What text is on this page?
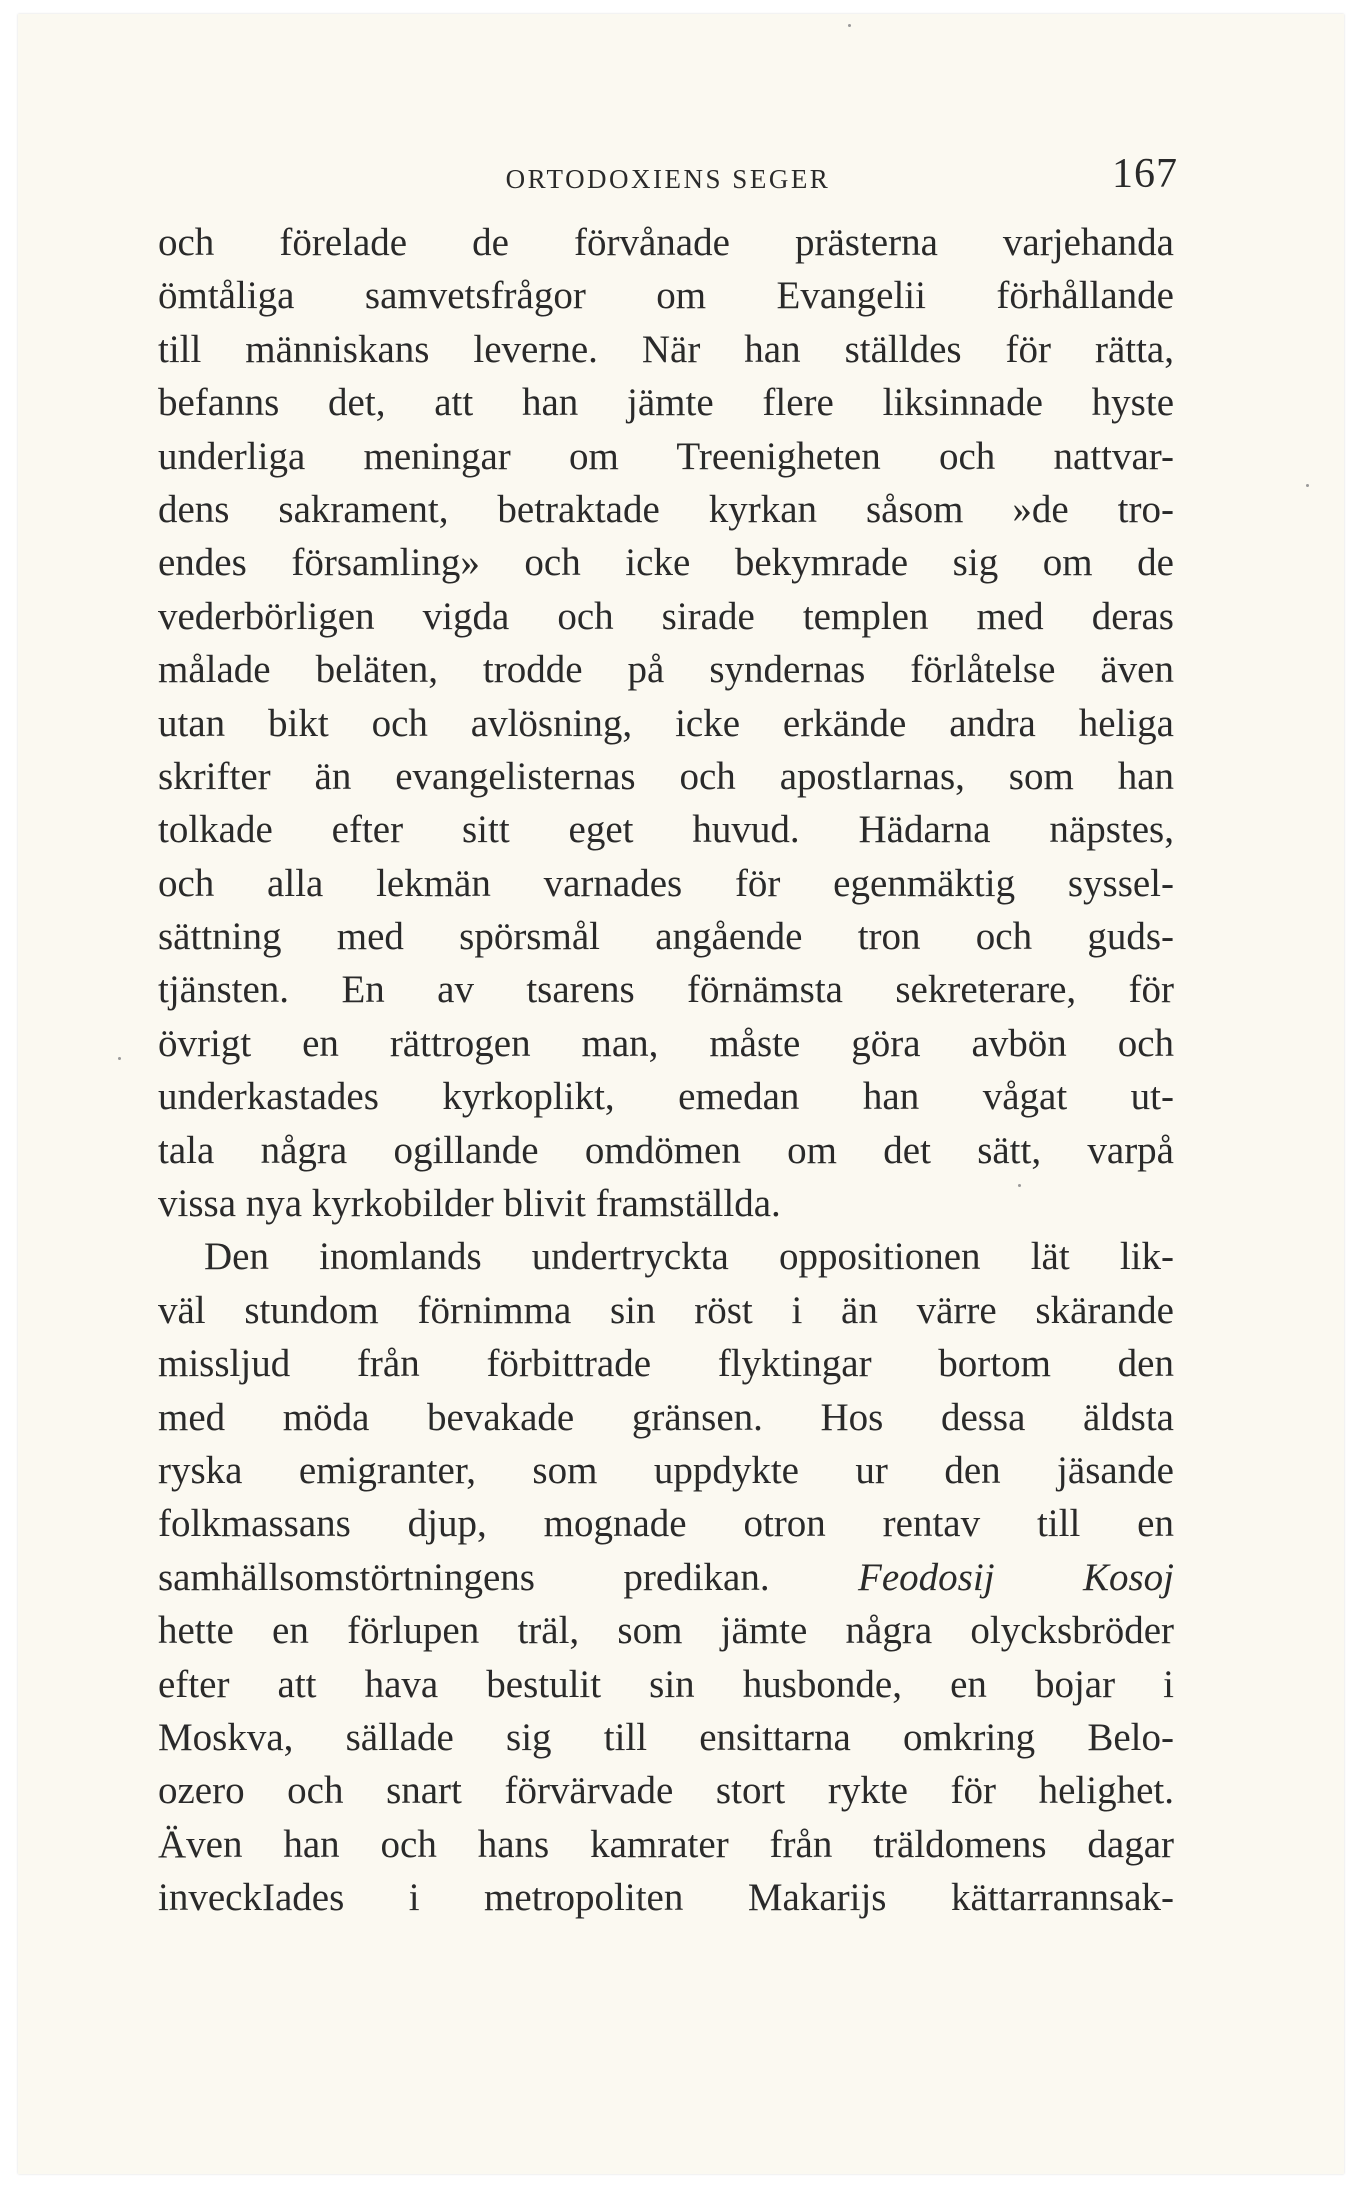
ORTODOXIENS SEGER	167
och förelade de förvånade prästerna varjehanda
ömtåliga samvetsfrågor om Evangelii förhållande
till människans leverne. När han ställdes för rätta,
befanns det, att han jämte flere liksinnade hyste
underliga meningar om Treenigheten och nattvar-
dens sakrament, betraktade kyrkan såsom »de tro-
endes församling» och icke bekymrade sig om de
vederbörligen vigda och sirade templen med deras
målade beläten, trodde på syndernas förlåtelse även
utan bikt och avlösning, icke erkände andra heliga
skrifter än evangelisternas och apostlarnas, som han
tolkade efter sitt eget huvud. Hädarna näpstes,
och alla lekmän varnades för egenmäktig syssel-
sättning med spörsmål angående tron och guds-
tjänsten. En av tsarens förnämsta sekreterare, för
övrigt en rättrogen man, måste göra avbön och
underkastades kyrkoplikt, emedan han vågat ut-
tala några ogillande omdömen om det sätt, varpå
vissa nya kyrkobilder blivit framställda.
Den inomlands undertryckta oppositionen lät lik-
väl stundom förnimma sin röst i än värre skärande
missljud från förbittrade flyktingar bortom den
med möda bevakade gränsen. Hos dessa äldsta
ryska emigranter, som uppdykte ur den jäsande
folkmassans djup, mognade otron rentav till en
samhällsomstörtningens predikan. Feodosij Kosoj
hette en förlupen träl, som jämte några olycksbröder
efter att hava bestulit sin husbonde, en bojar i
Moskva, sällade sig till ensittarna omkring Belo-
ozero och snart förvärvade stort rykte för helighet.
Även han och hans kamrater från träldomens dagar
inveckIades i metropoliten Makarijs kättarrannsak-
